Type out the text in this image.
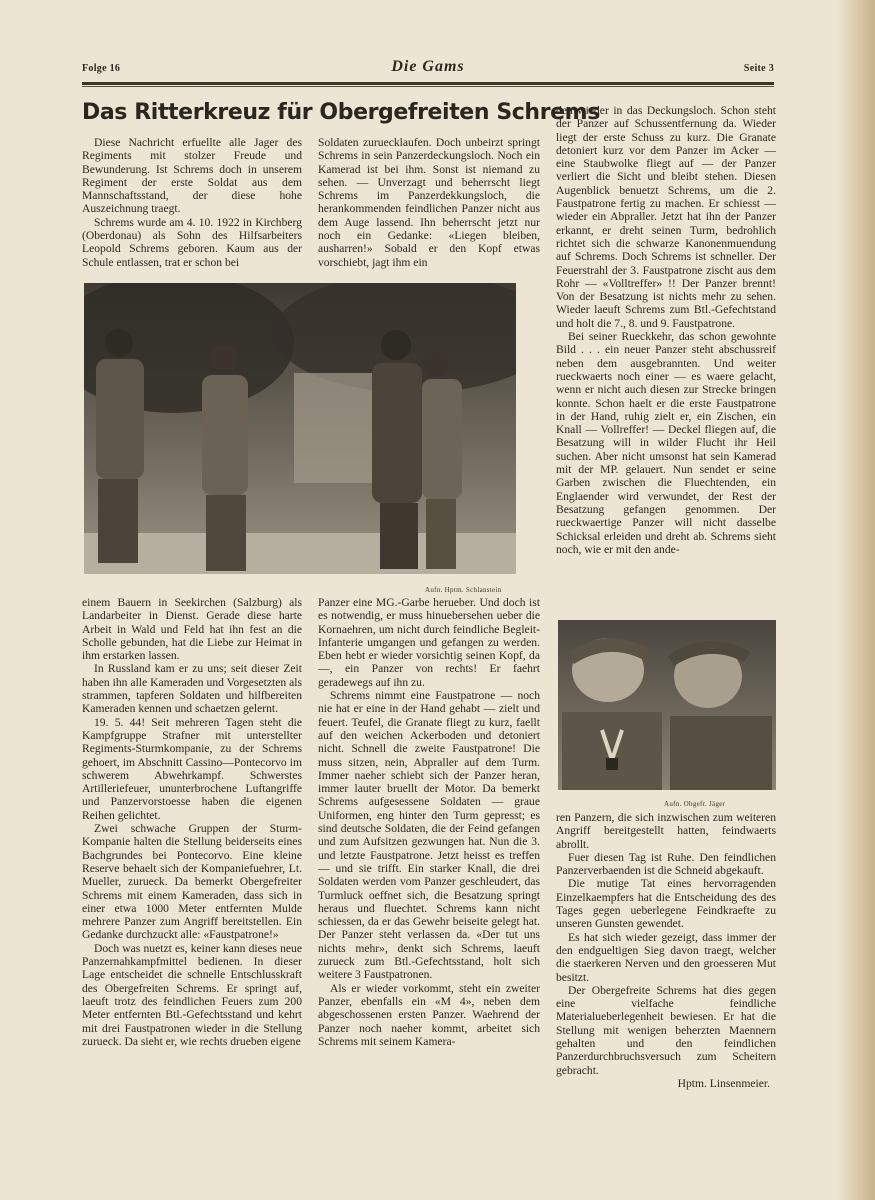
Folge 16	Die Gams	Seite 3
Das Ritterkreuz für Obergefreiten Schrems

Diese Nachricht erfuellte alle Jager des Regiments mit stolzer Freude und Bewunderung. Ist Schrems doch in unserem Regiment der erste Soldat aus dem Mannschaftsstand, der diese hohe Auszeichnung traegt.

Schrems wurde am 4. 10. 1922 in Kirchberg (Oberdonau) als Sohn des Hilfsarbeiters Leopold Schrems geboren. Kaum aus der Schule entlassen, trat er schon bei

Soldaten zuruecklaufen. Doch unbeirzt springt Schrems in sein Panzerdeckungsloch. Noch ein Kamerad ist bei ihm. Sonst ist niemand zu sehen. — Unverzagt und beherrscht liegt Schrems im Panzerdekkungsloch, die herankommenden feindlichen Panzer nicht aus dem Auge lassend. Ihn beherrscht jetzt nur noch ein Gedanke: «Liegen bleiben, ausharren!» Sobald er den Kopf etwas vorschiebt, jagt ihm ein

den wieder in das Deckungsloch. Schon steht der Panzer auf Schussentfernung da. Wieder liegt der erste Schuss zu kurz. Die Granate detoniert kurz vor dem Panzer im Acker — eine Staubwolke fliegt auf — der Panzer verliert die Sicht und bleibt stehen. Diesen Augenblick benuetzt Schrems, um die 2. Faustpatrone fertig zu machen. Er schiesst — wieder ein Abpraller. Jetzt hat ihn der Panzer erkannt, er dreht seinen Turm, bedrohlich richtet sich die schwarze Kanonenmuendung auf Schrems. Doch Schrems ist schneller. Der Feuerstrahl der 3. Faustpatrone zischt aus dem Rohr — «Volltreffer» !! Der Panzer brennt! Von der Besatzung ist nichts mehr zu sehen. Wieder laeuft Schrems zum Btl.-Gefechtstand und holt die 7., 8. und 9. Faustpatrone.

Bei seiner Rueckkehr, das schon gewohnte Bild . . . ein neuer Panzer steht abschussreif neben dem ausgebrannten. Und weiter rueckwaerts noch einer — es waere gelacht, wenn er nicht auch diesen zur Strecke bringen konnte. Schon haelt er die erste Faustpatrone in der Hand, ruhig zielt er, ein Zischen, ein Knall — Vollreffer! — Deckel fliegen auf, die Besatzung will in wilder Flucht ihr Heil suchen. Aber nicht umsonst hat sein Kamerad mit der MP. gelauert. Nun sendet er seine Garben zwischen die Fluechtenden, ein Englaender wird verwundet, der Rest der Besatzung gefangen genommen. Der rueckwaertige Panzer will nicht dasselbe Schicksal erleiden und dreht ab. Schrems sieht noch, wie er mit den ande-

Aufn. Hptm. Schlanstein

einem Bauern in Seekirchen (Salzburg) als Landarbeiter in Dienst. Gerade diese harte Arbeit in Wald und Feld hat ihn fest an die Scholle gebunden, hat die Liebe zur Heimat in ihm erstarken lassen.

In Russland kam er zu uns; seit dieser Zeit haben ihn alle Kameraden und Vorgesetzten als strammen, tapferen Soldaten und hilfbereiten Kameraden kennen und schaetzen gelernt.

19. 5. 44! Seit mehreren Tagen steht die Kampfgruppe Strafner mit unterstellter Regiments-Sturmkompanie, zu der Schrems gehoert, im Abschnitt Cassino—Pontecorvo im schwerem Abwehrkampf. Schwerstes Artilleriefeuer, ununterbrochene Luftangriffe und Panzervorstoesse haben die eigenen Reihen gelichtet.

Zwei schwache Gruppen der Sturm-Kompanie halten die Stellung beiderseits eines Bachgrundes bei Pontecorvo. Eine kleine Reserve behaelt sich der Kompaniefuehrer, Lt. Mueller, zurueck. Da bemerkt Obergefreiter Schrems mit einem Kameraden, dass sich in einer etwa 1000 Meter entfernten Mulde mehrere Panzer zum Angriff bereitstellen. Ein Gedanke durchzuckt alle: «Faustpatrone!»

Doch was nuetzt es, keiner kann dieses neue Panzernahkampfmittel bedienen. In dieser Lage entscheidet die schnelle Entschlusskraft des Obergefreiten Schrems. Er springt auf, laeuft trotz des feindlichen Feuers zum 200 Meter entfernten Btl.-Gefechtsstand und kehrt mit drei Faustpatronen wieder in die Stellung zurueck. Da sieht er, wie rechts drueben eigene

Panzer eine MG.-Garbe herueber. Und doch ist es notwendig, er muss hinuebersehen ueber die Kornaehren, um nicht durch feindliche Begleit-Infanterie umgangen und gefangen zu werden. Eben hebt er wieder vorsichtig seinen Kopf, da —, ein Panzer von rechts! Er faehrt geradewegs auf ihn zu.

Schrems nimmt eine Faustpatrone — noch nie hat er eine in der Hand gehabt — zielt und feuert. Teufel, die Granate fliegt zu kurz, faellt auf den weichen Ackerboden und detoniert nicht. Schnell die zweite Faustpatrone! Die muss sitzen, nein, Abpraller auf dem Turm. Immer naeher schiebt sich der Panzer heran, immer lauter bruellt der Motor. Da bemerkt Schrems aufgesessene Soldaten — graue Uniformen, eng hinter den Turm gepresst; es sind deutsche Soldaten, die der Feind gefangen und zum Aufsitzen gezwungen hat. Nun die 3. und letzte Faustpatrone. Jetzt heisst es treffen — und sie trifft. Ein starker Knall, die drei Soldaten werden vom Panzer geschleudert, das Turmluck oeffnet sich, die Besatzung springt heraus und fluechtet. Schrems kann nicht schiessen, da er das Gewehr beiseite gelegt hat. Der Panzer steht verlassen da. «Der tut uns nichts mehr», denkt sich Schrems, laeuft zurueck zum Btl.-Gefechtsstand, holt sich weitere 3 Faustpatronen.

Als er wieder vorkommt, steht ein zweiter Panzer, ebenfalls ein «M 4», neben dem abgeschossenen ersten Panzer. Waehrend der Panzer noch naeher kommt, arbeitet sich Schrems mit seinem Kamera-

Aufn. Obgefr. Jäger

ren Panzern, die sich inzwischen zum weiteren Angriff bereitgestellt hatten, feindwaerts abrollt.

Fuer diesen Tag ist Ruhe. Den feindlichen Panzerverbaenden ist die Schneid abgekauft.

Die mutige Tat eines hervorragenden Einzelkaempfers hat die Entscheidung des des Tages gegen ueberlegene Feindkraefte zu unseren Gunsten gewendet.

Es hat sich wieder gezeigt, dass immer der den endgueltigen Sieg davon traegt, welcher die staerkeren Nerven und den groesseren Mut besitzt.

Der Obergefreite Schrems hat dies gegen eine vielfache feindliche Materialueberlegenheit bewiesen. Er hat die Stellung mit wenigen beherzten Maennern gehalten und den feindlichen Panzerdurchbruchsversuch zum Scheitern gebracht.

Hptm. Linsenmeier.
